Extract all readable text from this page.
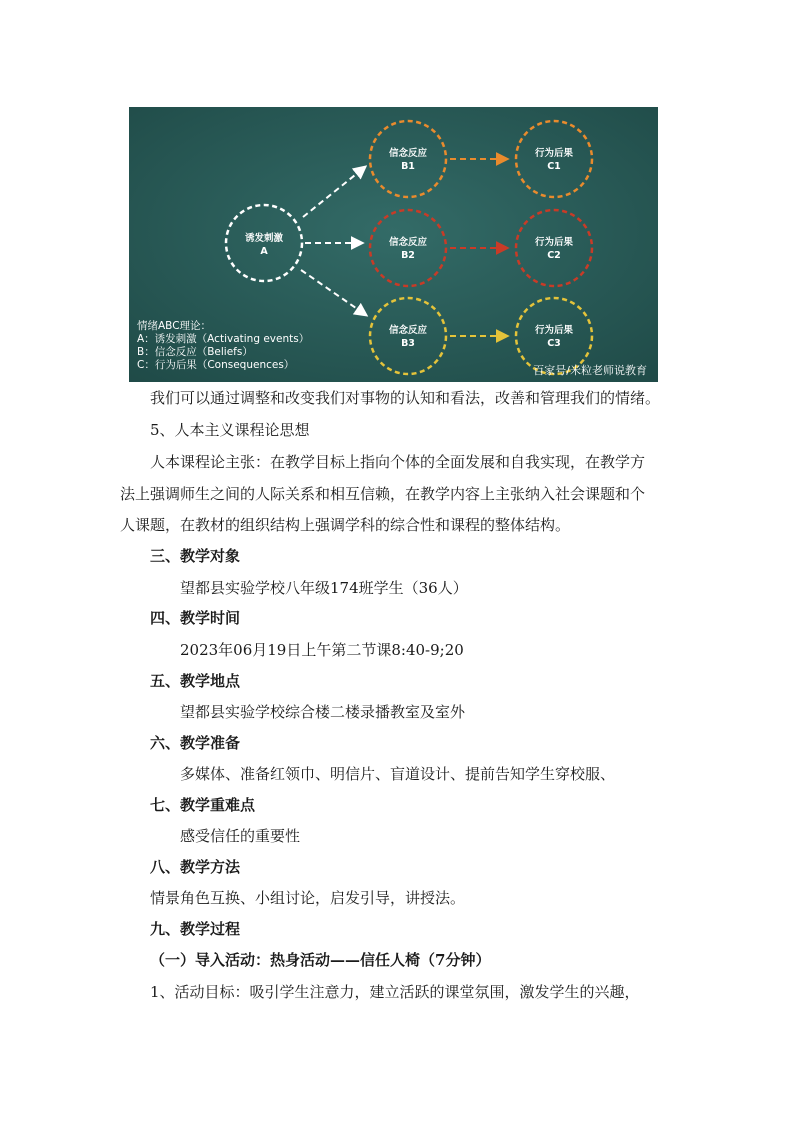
诱发刺激
A
信念反应
B1
信念反应
B2
信念反应
B3
行为后果
C1
行为后果
C2
行为后果
C3
情绪ABC理论：
A：诱发刺激（Activating events）
B：信念反应（Beliefs）
C：行为后果（Consequences）	百家号/米粒老师说教育
我们可以通过调整和改变我们对事物的认知和看法，改善和管理我们的情绪。
5、人本主义课程论思想
人本课程论主张：在教学目标上指向个体的全面发展和自我实现，在教学方
法上强调师生之间的人际关系和相互信赖，在教学内容上主张纳入社会课题和个
人课题，在教材的组织结构上强调学科的综合性和课程的整体结构。
三、教学对象
望都县实验学校八年级174班学生（36人）
四、教学时间
2023年06月19日上午第二节课8:40-9;20
五、教学地点
望都县实验学校综合楼二楼录播教室及室外
六、教学准备
多媒体、准备红领巾、明信片、盲道设计、提前告知学生穿校服、
七、教学重难点
感受信任的重要性
八、教学方法
情景角色互换、小组讨论，启发引导，讲授法。
九、教学过程
（一）导入活动：热身活动——信任人椅（7分钟）
1、活动目标：吸引学生注意力，建立活跃的课堂氛围，激发学生的兴趣，
